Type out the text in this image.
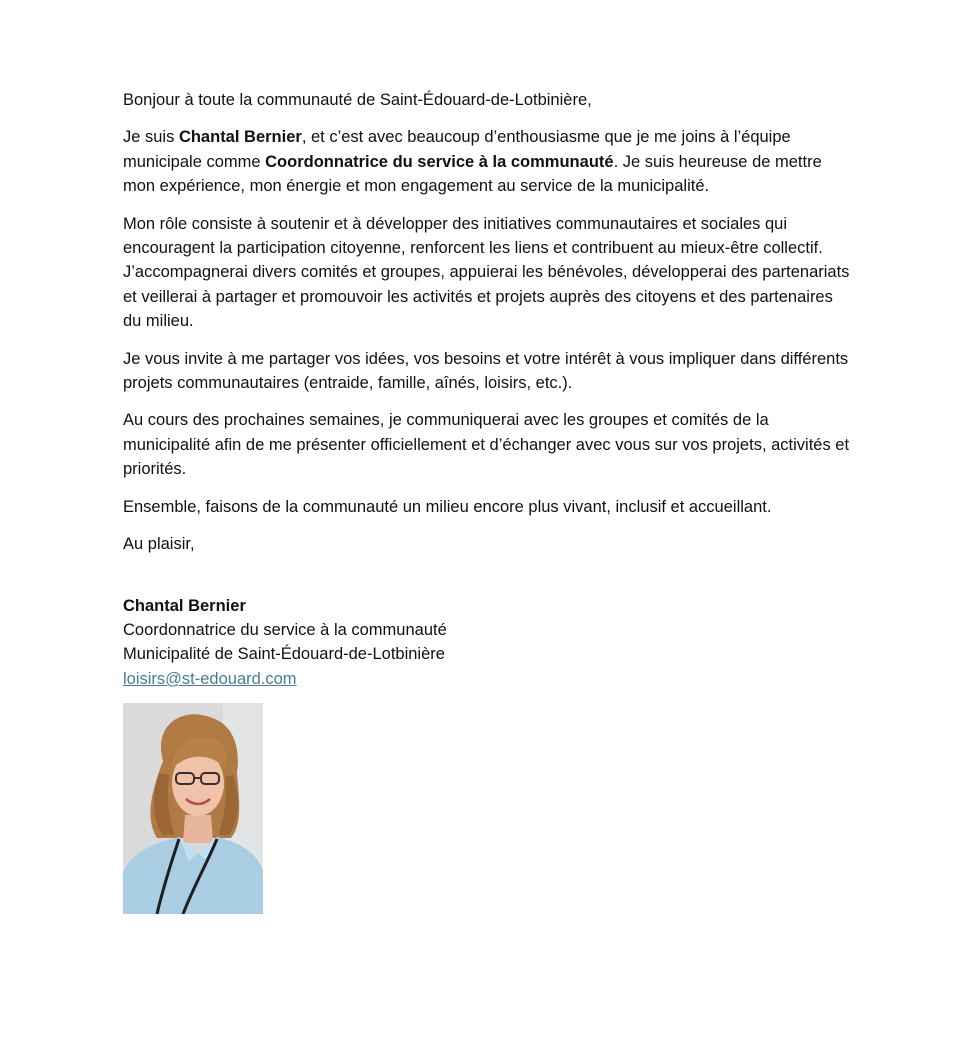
Bonjour à toute la communauté de Saint-Édouard-de-Lotbinière,

Je suis Chantal Bernier, et c’est avec beaucoup d’enthousiasme que je me joins à l’équipe municipale comme Coordonnatrice du service à la communauté. Je suis heureuse de mettre mon expérience, mon énergie et mon engagement au service de la municipalité.

Mon rôle consiste à soutenir et à développer des initiatives communautaires et sociales qui encouragent la participation citoyenne, renforcent les liens et contribuent au mieux-être collectif. J’accompagnerai divers comités et groupes, appuierai les bénévoles, développerai des partenariats et veillerai à partager et promouvoir les activités et projets auprès des citoyens et des partenaires du milieu.

Je vous invite à me partager vos idées, vos besoins et votre intérêt à vous impliquer dans différents projets communautaires (entraide, famille, aînés, loisirs, etc.).

Au cours des prochaines semaines, je communiquerai avec les groupes et comités de la municipalité afin de me présenter officiellement et d’échanger avec vous sur vos projets, activités et priorités.

Ensemble, faisons de la communauté un milieu encore plus vivant, inclusif et accueillant.

Au plaisir,

Chantal Bernier

Coordonnatrice du service à la communauté

Municipalité de Saint-Édouard-de-Lotbinière

loisirs@st-edouard.com
